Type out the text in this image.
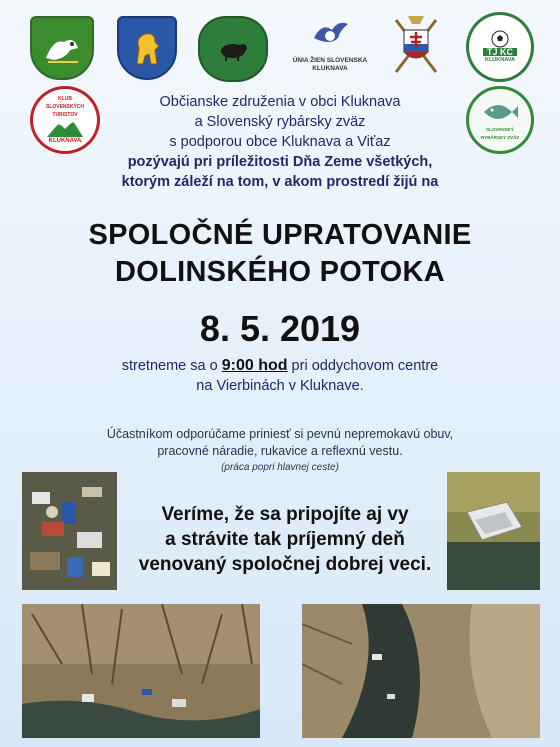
ÚNIA ŽIEN SLOVENSKA
KLUKNAVA
TJ KC
KLUKNAVA
KLUB SLOVENSKÝCH TURISTOV
KLUKNAVA
SLOVENSKÝ RYBÁRSKY ZVÄZ
Občianske združenia v obci Kluknava
a Slovenský rybársky zväz
s podporou obce Kluknava a Viťaz
pozývajú pri príležitosti Dňa Zeme všetkých,
ktorým záleží na tom, v akom prostredí žijú na
SPOLOČNÉ UPRATOVANIE
DOLINSKÉHO POTOKA
8. 5. 2019
stretneme sa o 9:00 hod pri oddychovom centre
na Vierbinách v Kluknave.
Účastníkom odporúčame priniesť si pevnú nepremokavú obuv,
pracovné náradie, rukavice a reflexnú vestu.
(práca popri hlavnej ceste)
Veríme, že sa pripojíte aj vy
a strávite tak príjemný deň
venovaný spoločnej dobrej veci.
